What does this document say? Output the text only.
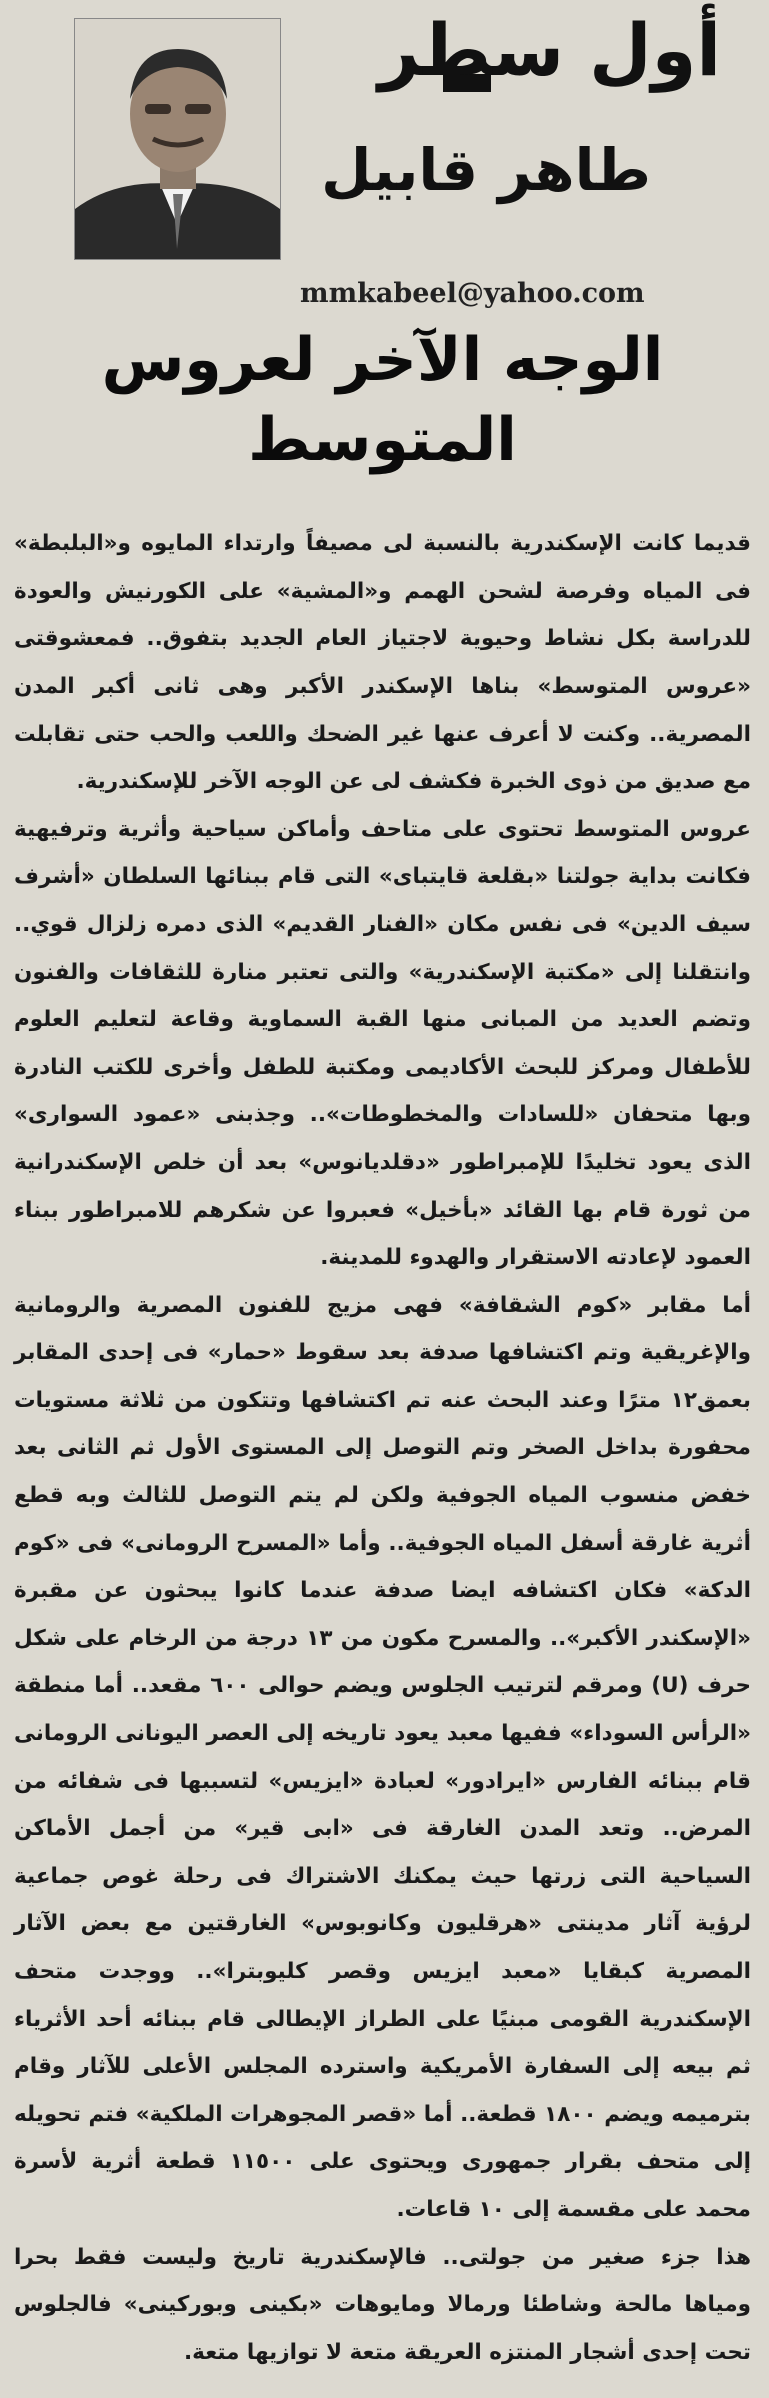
أول سطر
طاهر قابيل
mmkabeel@yahoo.com
الوجه الآخر لعروس المتوسط

قديما كانت الإسكندرية بالنسبة لى مصيفاً وارتداء المايوه و«البلبطة» فى المياه وفرصة لشحن الهمم و«المشية» على الكورنيش والعودة للدراسة بكل نشاط وحيوية لاجتياز العام الجديد بتفوق.. فمعشوقتى «عروس المتوسط» بناها الإسكندر الأكبر وهى ثانى أكبر المدن المصرية.. وكنت لا أعرف عنها غير الضحك واللعب والحب حتى تقابلت مع صديق من ذوى الخبرة فكشف لى عن الوجه الآخر للإسكندرية.

عروس المتوسط تحتوى على متاحف وأماكن سياحية وأثرية وترفيهية فكانت بداية جولتنا «بقلعة قايتباى» التى قام ببنائها السلطان «أشرف سيف الدين» فى نفس مكان «الفنار القديم» الذى دمره زلزال قوي.. وانتقلنا إلى «مكتبة الإسكندرية» والتى تعتبر منارة للثقافات والفنون وتضم العديد من المبانى منها القبة السماوية وقاعة لتعليم العلوم للأطفال ومركز للبحث الأكاديمى ومكتبة للطفل وأخرى للكتب النادرة وبها متحفان «للسادات والمخطوطات».. وجذبنى «عمود السوارى» الذى يعود تخليدًا للإمبراطور «دقلديانوس» بعد أن خلص الإسكندرانية من ثورة قام بها القائد «بأخيل» فعبروا عن شكرهم للامبراطور ببناء العمود لإعادته الاستقرار والهدوء للمدينة.

أما مقابر «كوم الشقافة» فهى مزيج للفنون المصرية والرومانية والإغريقية وتم اكتشافها صدفة بعد سقوط «حمار» فى إحدى المقابر بعمق١٢ مترًا وعند البحث عنه تم اكتشافها وتتكون من ثلاثة مستويات محفورة بداخل الصخر وتم التوصل إلى المستوى الأول ثم الثانى بعد خفض منسوب المياه الجوفية ولكن لم يتم التوصل للثالث وبه قطع أثرية غارقة أسفل المياه الجوفية.. وأما «المسرح الرومانى» فى «كوم الدكة» فكان اكتشافه ايضا صدفة عندما كانوا يبحثون عن مقبرة «الإسكندر الأكبر».. والمسرح مكون من ١٣ درجة من الرخام على شكل حرف (U) ومرقم لترتيب الجلوس ويضم حوالى ٦٠٠ مقعد.. أما منطقة «الرأس السوداء» ففيها معبد يعود تاريخه إلى العصر اليونانى الرومانى قام ببنائه الفارس «ايرادور» لعبادة «ايزيس» لتسببها فى شفائه من المرض.. وتعد المدن الغارقة فى «ابى قير» من أجمل الأماكن السياحية التى زرتها حيث يمكنك الاشتراك فى رحلة غوص جماعية لرؤية آثار مدينتى «هرقليون وكانوبوس» الغارقتين مع بعض الآثار المصرية كبقايا «معبد ايزيس وقصر كليوبترا».. ووجدت متحف الإسكندرية القومى مبنيًا على الطراز الإيطالى قام ببنائه أحد الأثرياء ثم بيعه إلى السفارة الأمريكية واسترده المجلس الأعلى للآثار وقام بترميمه ويضم ١٨٠٠ قطعة.. أما «قصر المجوهرات الملكية» فتم تحويله إلى متحف بقرار جمهورى ويحتوى على ١١٥٠٠ قطعة أثرية لأسرة محمد على مقسمة إلى ١٠ قاعات.

هذا جزء صغير من جولتى.. فالإسكندرية تاريخ وليست فقط بحرا ومياها مالحة وشاطئا ورمالا ومايوهات «بكينى وبوركينى» فالجلوس تحت إحدى أشجار المنتزه العريقة متعة لا توازيها متعة.
